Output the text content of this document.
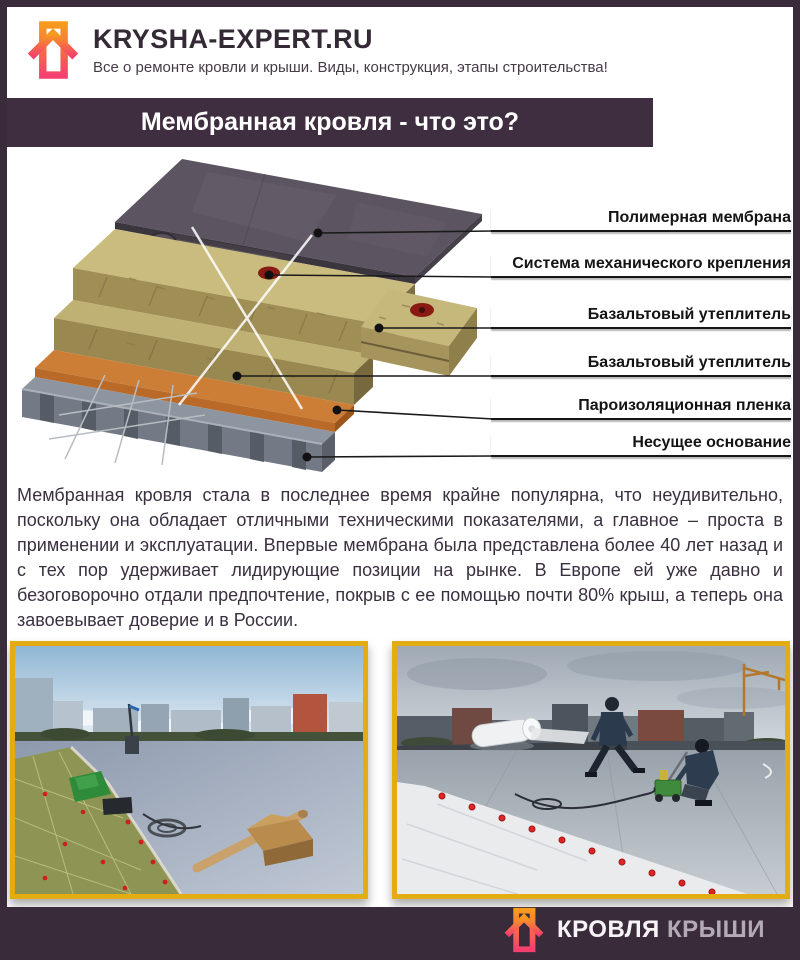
KRYSHA-EXPERT.RU
Все о ремонте кровли и крыши. Виды, конструкция, этапы строительства!
Мембранная кровля - что это?
Полимерная мембрана
Система механического крепления
Базальтовый утеплитель
Базальтовый утеплитель
Пароизоляционная пленка
Несущее основание

Мембранная кровля стала в последнее время крайне популярна, что неудивительно, поскольку она обладает отличными техническими показателями, а главное – проста в применении и эксплуатации. Впервые мембрана была представлена более 40 лет назад и с тех пор удерживает лидирующие позиции на рынке. В Европе ей уже давно и безоговорочно отдали предпочтение, покрыв с ее помощью почти 80% крыш, а теперь она завоевывает доверие и в России.

КРОВЛЯ КРЫШИ
